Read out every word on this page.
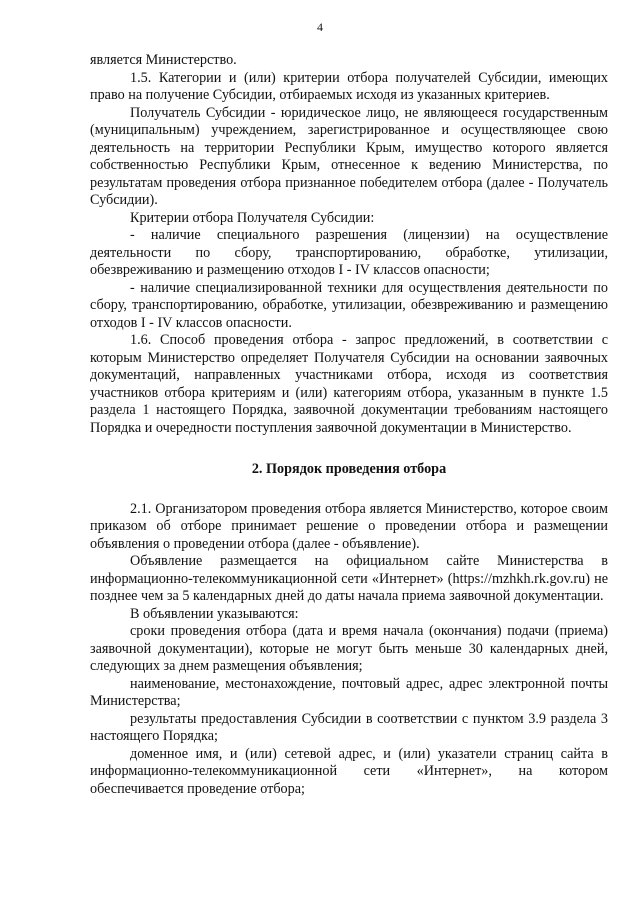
4

является Министерство.

1.5. Категории и (или) критерии отбора получателей Субсидии, имеющих право на получение Субсидии, отбираемых исходя из указанных критериев.

Получатель Субсидии - юридическое лицо, не являющееся государственным (муниципальным) учреждением, зарегистрированное и осуществляющее свою деятельность на территории Республики Крым, имущество которого является собственностью Республики Крым, отнесенное к ведению Министерства, по результатам проведения отбора признанное победителем отбора (далее - Получатель Субсидии).

Критерии отбора Получателя Субсидии:

- наличие специального разрешения (лицензии) на осуществление деятельности по сбору, транспортированию, обработке, утилизации, обезвреживанию и размещению отходов I - IV классов опасности;

- наличие специализированной техники для осуществления деятельности по сбору, транспортированию, обработке, утилизации, обезвреживанию и размещению отходов I - IV классов опасности.

1.6. Способ проведения отбора - запрос предложений, в соответствии с которым Министерство определяет Получателя Субсидии на основании заявочных документаций, направленных участниками отбора, исходя из соответствия участников отбора критериям и (или) категориям отбора, указанным в пункте 1.5 раздела 1 настоящего Порядка, заявочной документации требованиям настоящего Порядка и очередности поступления заявочной документации в Министерство.

2. Порядок проведения отбора

2.1. Организатором проведения отбора является Министерство, которое своим приказом об отборе принимает решение о проведении отбора и размещении объявления о проведении отбора (далее - объявление).

Объявление размещается на официальном сайте Министерства в информационно-телекоммуникационной сети «Интернет» (https://mzhkh.rk.gov.ru) не позднее чем за 5 календарных дней до даты начала приема заявочной документации.

В объявлении указываются:

сроки проведения отбора (дата и время начала (окончания) подачи (приема) заявочной документации), которые не могут быть меньше 30 календарных дней, следующих за днем размещения объявления;

наименование, местонахождение, почтовый адрес, адрес электронной почты Министерства;

результаты предоставления Субсидии в соответствии с пунктом 3.9 раздела 3 настоящего Порядка;

доменное имя, и (или) сетевой адрес, и (или) указатели страниц сайта в информационно-телекоммуникационной сети «Интернет», на котором обеспечивается проведение отбора;
